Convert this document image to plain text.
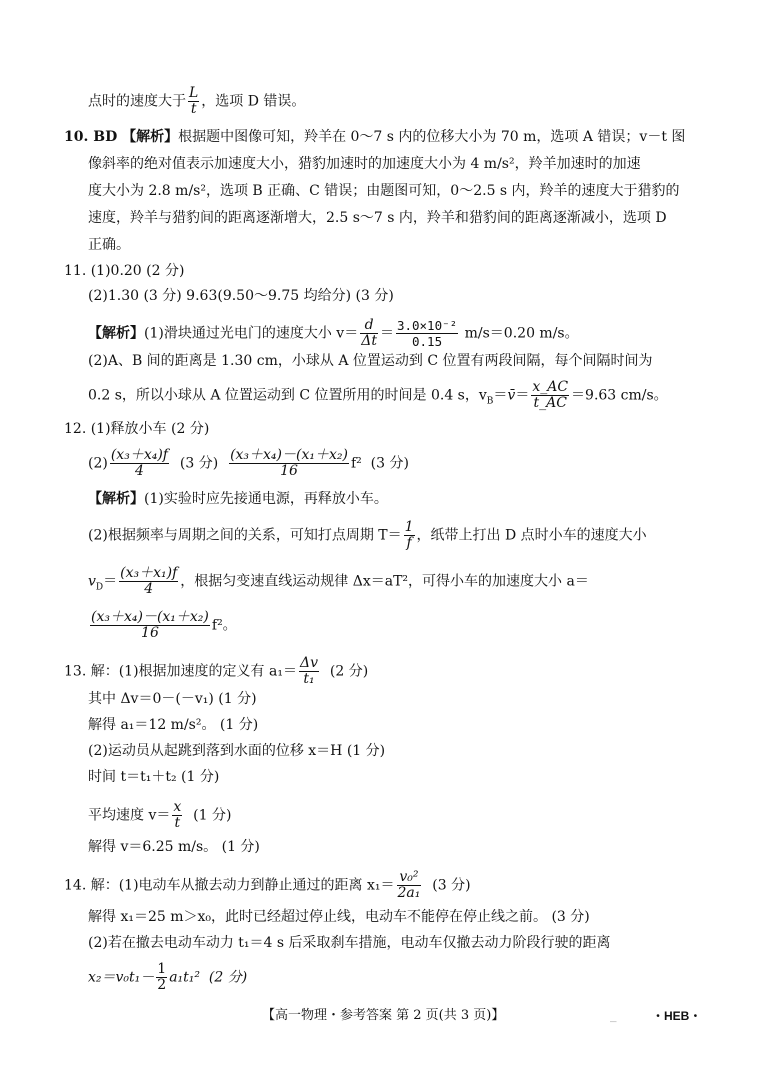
点时的速度大于 $\frac{L}{t}$ ，选项 D 错误。
10. BD 【解析】根据题中图像可知，羚羊在 0～7 s 内的位移大小为 70 m，选项 A 错误；v－t 图
像斜率的绝对值表示加速度大小，猎豹加速时的加速度大小为 4 m/s²，羚羊加速时的加速
度大小为 2.8 m/s²，选项 B 正确、C 错误；由题图可知，0～2.5 s 内，羚羊的速度大于猎豹的
速度，羚羊与猎豹间的距离逐渐增大，2.5 s～7 s 内，羚羊和猎豹间的距离逐渐减小，选项 D
正确。
11. (1)0.20 (2 分)
(2)1.30 (3 分) 9.63(9.50～9.75 均给分) (3 分)
【解析】(1)滑块通过光电门的速度大小 $v= \frac{d}{\Delta t} = \frac{\text{3.0×10⁻²}}{0.15} m/s=0.20$ m/s。
(2)A、B 间的距离是 1.30 cm，小球从 A 位置运动到 C 位置有两段间隔，每个间隔时间为
0.2 s，所以小球从 A 位置运动到 C 位置所用的时间是 0.4 s，$v_B=v̄= \frac{x\_AC}{t\_AC} =9.63$ cm/s。
12. (1)释放小车 (2 分)
$(2) \frac{\text{(x₃＋x₄)f}}{4} (3$ 分) $\frac{\text{(x₃＋x₄)－(x₁＋x₂)}}{16} f^2$  (3 分)
【解析】(1)实验时应先接通电源，再释放小车。
(2)根据频率与周期之间的关系，可知打点周期 $T= \frac{1}{f}$ ，纸带上打出 D 点时小车的速度大小
$v_D= \frac{\text{(x₃＋x₁)f}}{4}$ ，根据匀变速直线运动规律 Δx＝aT²，可得小车的加速度大小 a＝
$\frac{\text{(x₃＋x₄)－(x₁＋x₂)}}{16} f^2$。
13. 解：(1)根据加速度的定义有 $a_1= \frac{\Delta v}{\text{t₁}} (2$ 分)
其中 Δv＝0－(－v₁) (1 分)
解得 a₁＝12 m/s²。 (1 分)
(2)运动员从起跳到落到水面的位移 x＝H (1 分)
时间 t＝t₁＋t₂ (1 分)
平均速度 $v= \frac{x}{t} (1$ 分)
解得 v＝6.25 m/s。 (1 分)
14. 解：(1)电动车从撤去动力到静止通过的距离 $x_1= \frac{\text{v₀²}}{\text{2a₁}} (3$ 分)
解得 x₁＝25 m＞x₀，此时已经超过停止线，电动车不能停在停止线之前。 (3 分)
(2)若在撤去电动车动力 t₁＝4 s 后采取刹车措施，电动车仅撤去动力阶段行驶的距离
$x_2=v_0t_1- \frac{1}{2} a_1t_1^2$  (2 分)
【高一物理・参考答案 第 2 页(共 3 页)】	_	・HEB・
